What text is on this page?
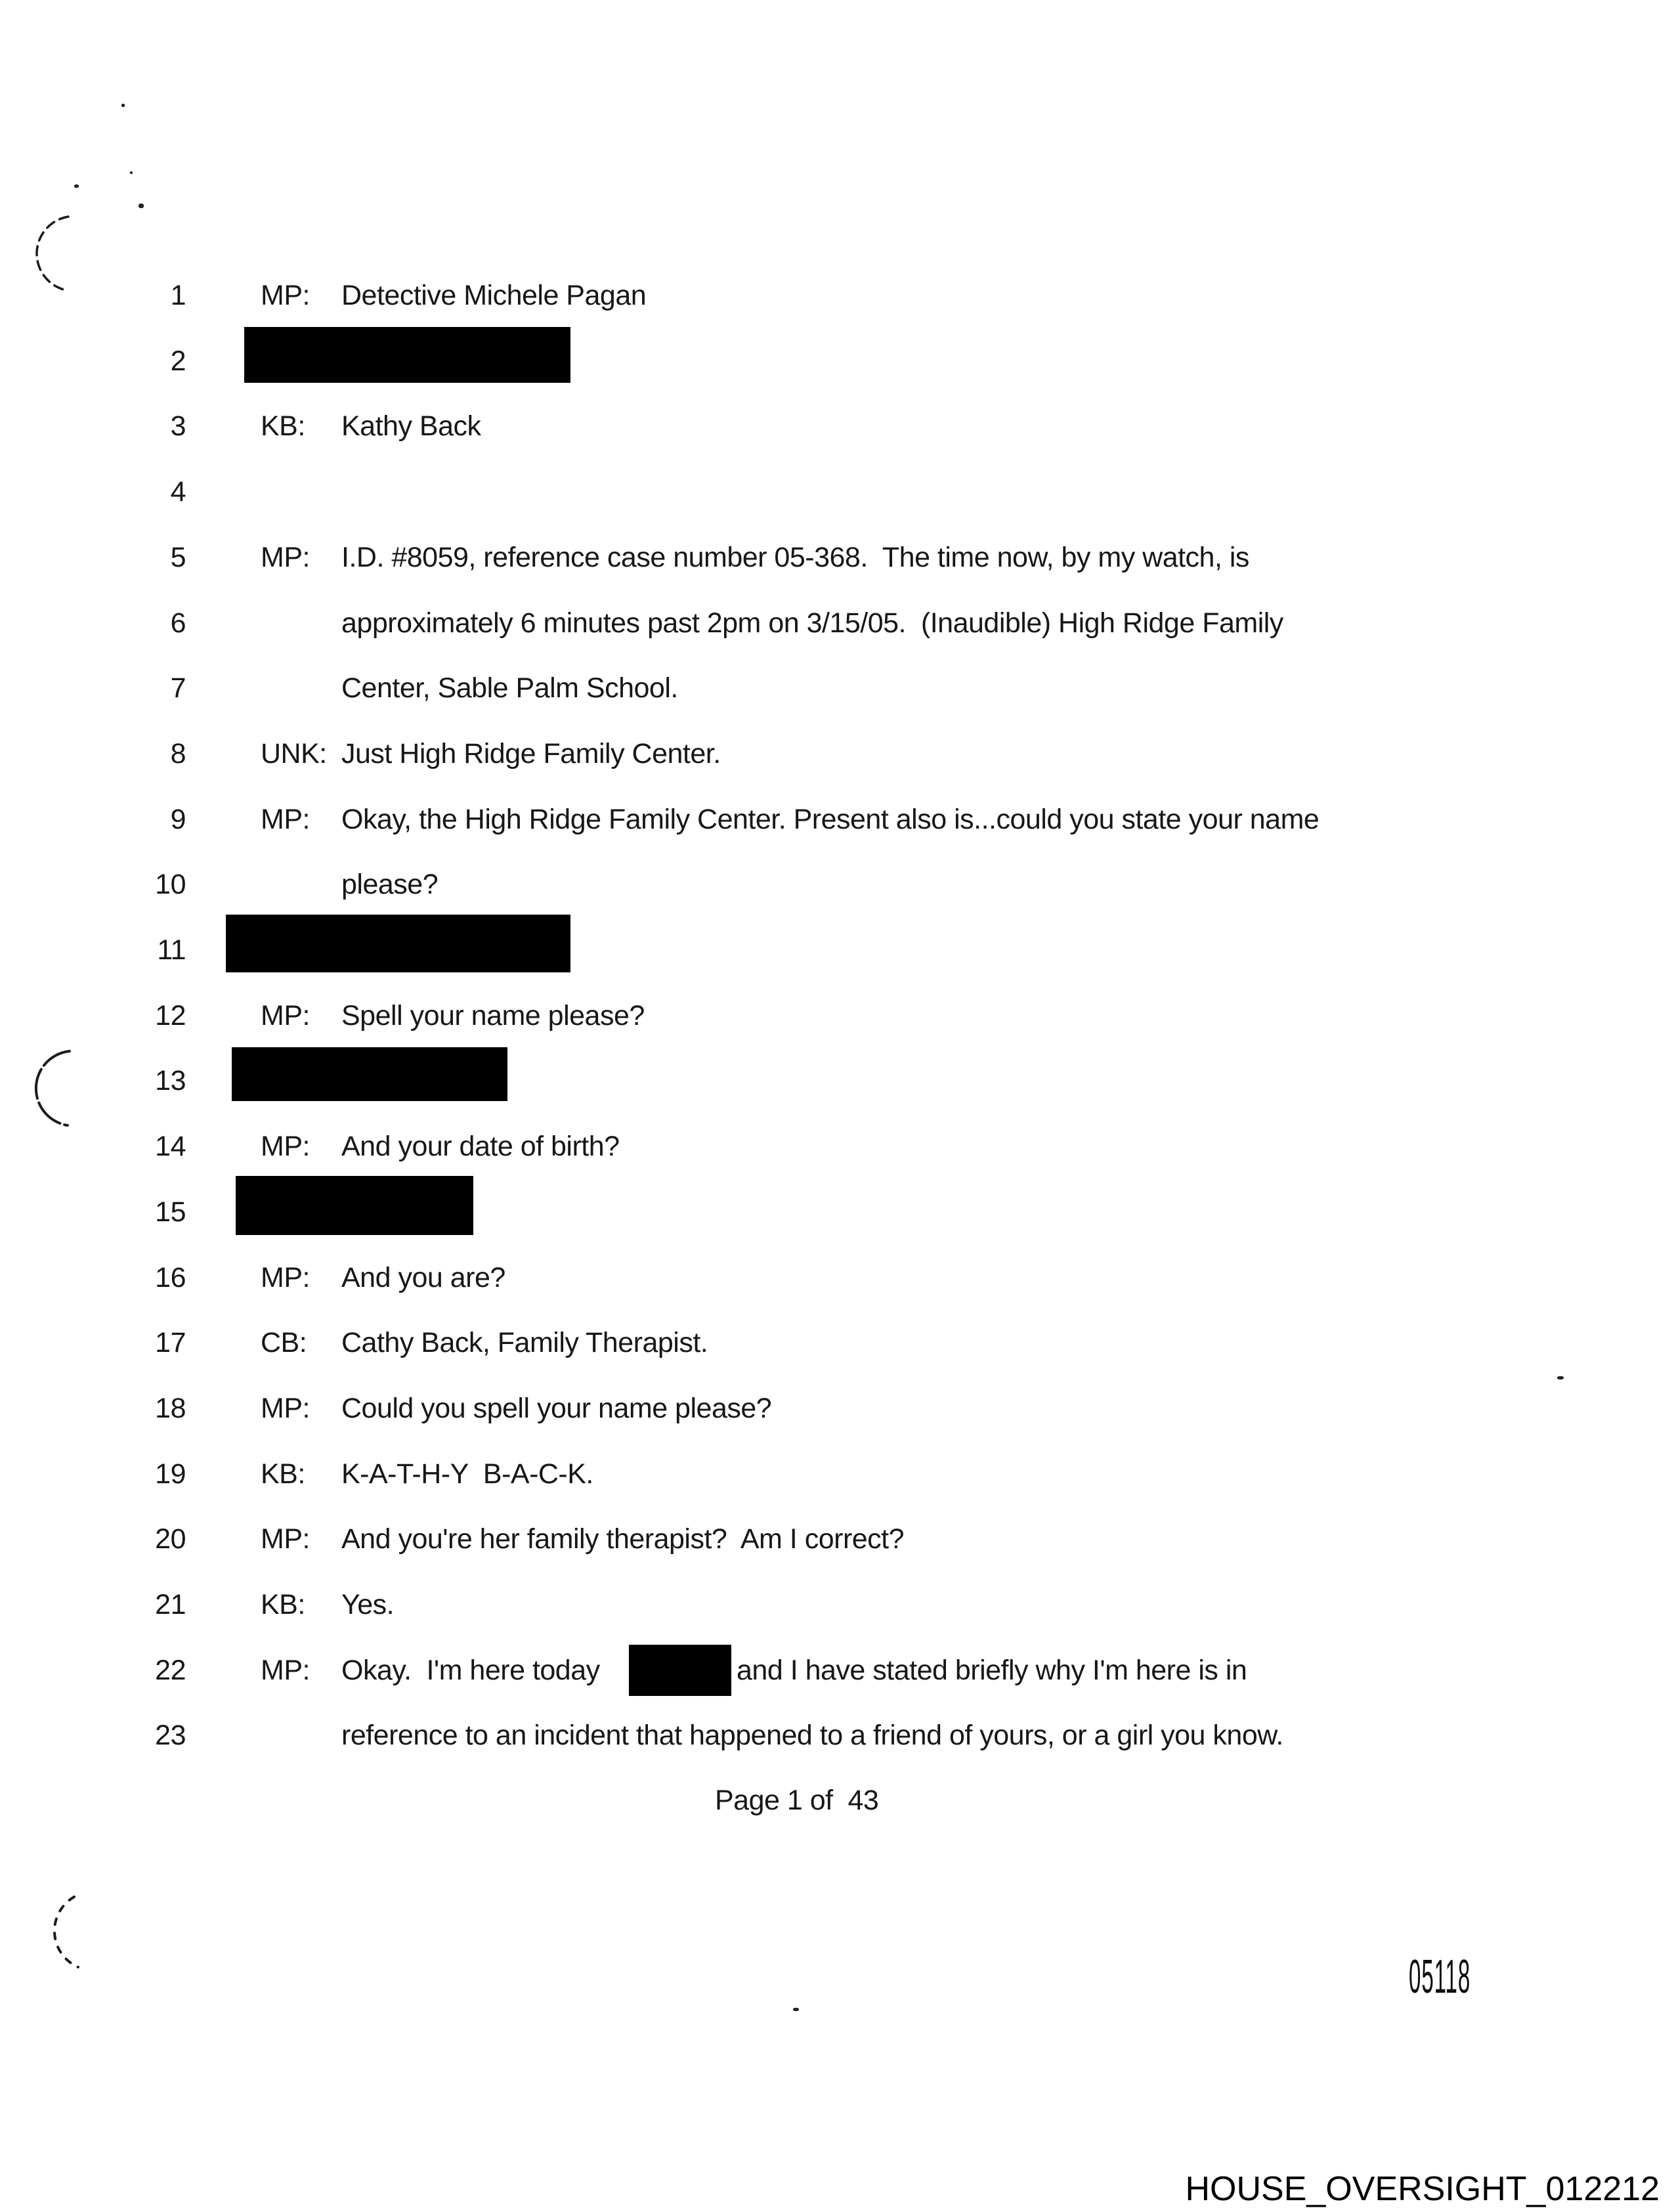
1	MP: Detective Michele Pagan
2
3	KB: Kathy Back
4
5	MP: I.D. #8059, reference case number 05-368.  The time now, by my watch, is
6	approximately 6 minutes past 2pm on 3/15/05.  (Inaudible) High Ridge Family
7	Center, Sable Palm School.
8	UNK: Just High Ridge Family Center.
9	MP: Okay, the High Ridge Family Center. Present also is...could you state your name
10	please?
11
12	MP: Spell your name please?
13
14	MP: And your date of birth?
15
16	MP: And you are?
17	CB: Cathy Back, Family Therapist.
18	MP: Could you spell your name please?
19	KB: K-A-T-H-Y  B-A-C-K.
20	MP: And you're her family therapist?  Am I correct?
21	KB: Yes.
22	MP: Okay.  I'm here today	and I have stated briefly why I'm here is in
23	reference to an incident that happened to a friend of yours, or a girl you know.
Page 1 of  43
05118
HOUSE_OVERSIGHT_012212
